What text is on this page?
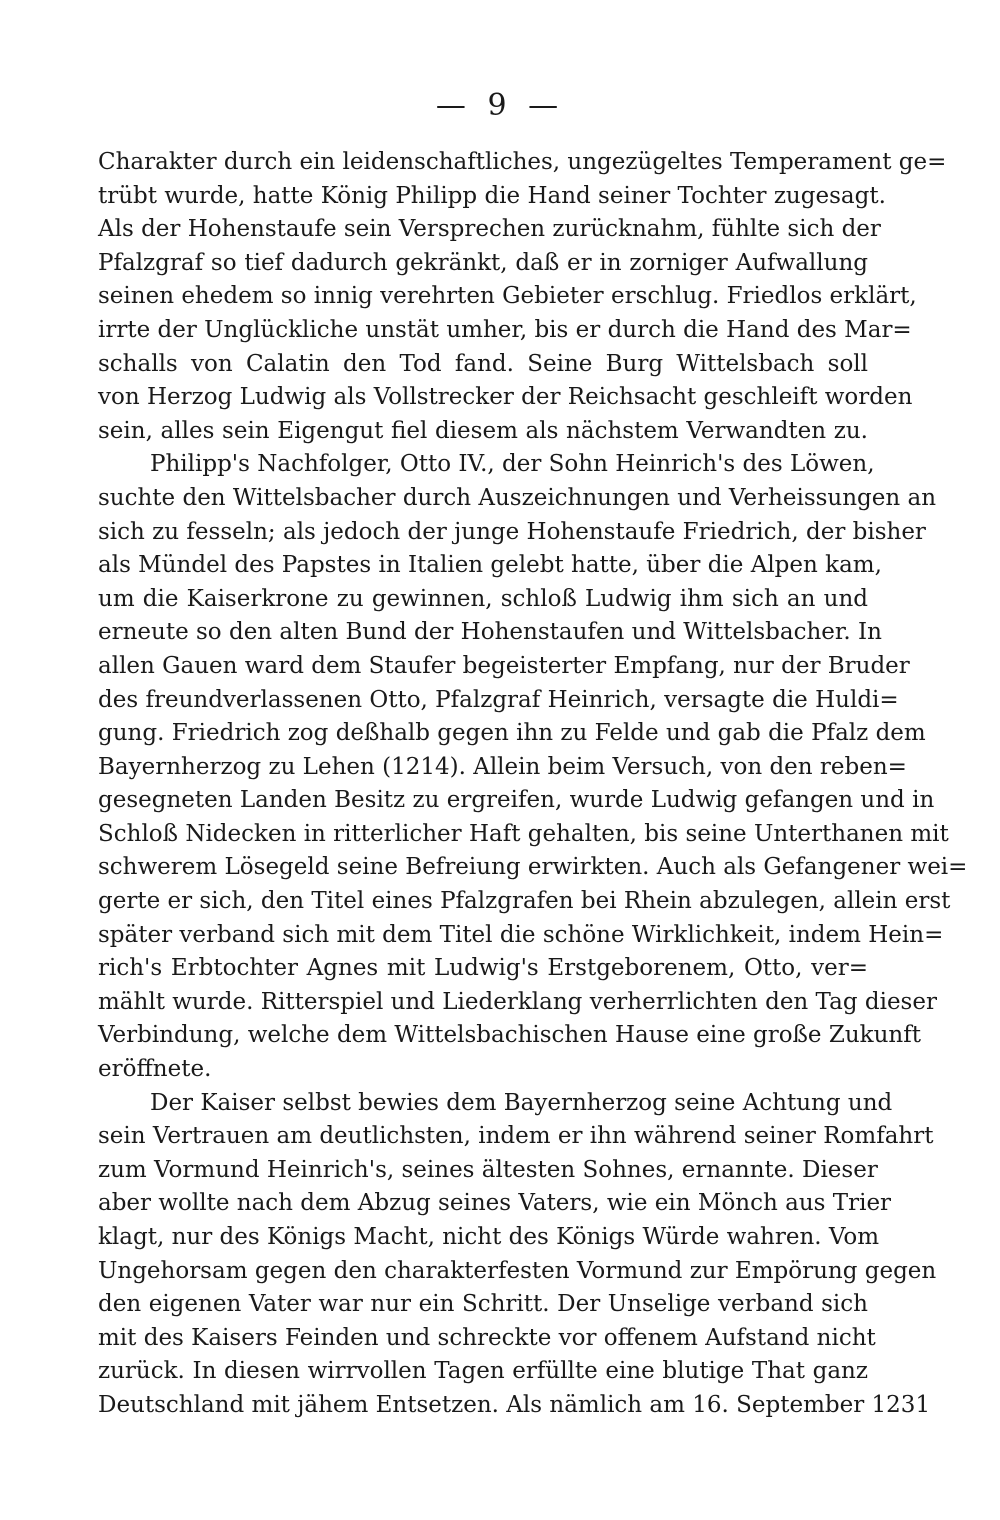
— 9 —
Charakter durch ein leidenschaftliches, ungezügeltes Temperament ge=
trübt wurde, hatte König Philipp die Hand seiner Tochter zugesagt.
Als der Hohenstaufe sein Versprechen zurücknahm, fühlte sich der
Pfalzgraf so tief dadurch gekränkt, daß er in zorniger Aufwallung
seinen ehedem so innig verehrten Gebieter erschlug. Friedlos erklärt,
irrte der Unglückliche unstät umher, bis er durch die Hand des Mar=
schalls von Calatin den Tod fand. Seine Burg Wittelsbach soll
von Herzog Ludwig als Vollstrecker der Reichsacht geschleift worden
sein, alles sein Eigengut fiel diesem als nächstem Verwandten zu.
Philipp's Nachfolger, Otto IV., der Sohn Heinrich's des Löwen,
suchte den Wittelsbacher durch Auszeichnungen und Verheissungen an
sich zu fesseln; als jedoch der junge Hohenstaufe Friedrich, der bisher
als Mündel des Papstes in Italien gelebt hatte, über die Alpen kam,
um die Kaiserkrone zu gewinnen, schloß Ludwig ihm sich an und
erneute so den alten Bund der Hohenstaufen und Wittelsbacher. In
allen Gauen ward dem Staufer begeisterter Empfang, nur der Bruder
des freundverlassenen Otto, Pfalzgraf Heinrich, versagte die Huldi=
gung. Friedrich zog deßhalb gegen ihn zu Felde und gab die Pfalz dem
Bayernherzog zu Lehen (1214). Allein beim Versuch, von den reben=
gesegneten Landen Besitz zu ergreifen, wurde Ludwig gefangen und in
Schloß Nidecken in ritterlicher Haft gehalten, bis seine Unterthanen mit
schwerem Lösegeld seine Befreiung erwirkten. Auch als Gefangener wei=
gerte er sich, den Titel eines Pfalzgrafen bei Rhein abzulegen, allein erst
später verband sich mit dem Titel die schöne Wirklichkeit, indem Hein=
rich's Erbtochter Agnes mit Ludwig's Erstgeborenem, Otto, ver=
mählt wurde. Ritterspiel und Liederklang verherrlichten den Tag dieser
Verbindung, welche dem Wittelsbachischen Hause eine große Zukunft
eröffnete.
Der Kaiser selbst bewies dem Bayernherzog seine Achtung und
sein Vertrauen am deutlichsten, indem er ihn während seiner Romfahrt
zum Vormund Heinrich's, seines ältesten Sohnes, ernannte. Dieser
aber wollte nach dem Abzug seines Vaters, wie ein Mönch aus Trier
klagt, nur des Königs Macht, nicht des Königs Würde wahren. Vom
Ungehorsam gegen den charakterfesten Vormund zur Empörung gegen
den eigenen Vater war nur ein Schritt. Der Unselige verband sich
mit des Kaisers Feinden und schreckte vor offenem Aufstand nicht
zurück. In diesen wirrvollen Tagen erfüllte eine blutige That ganz
Deutschland mit jähem Entsetzen. Als nämlich am 16. September 1231
